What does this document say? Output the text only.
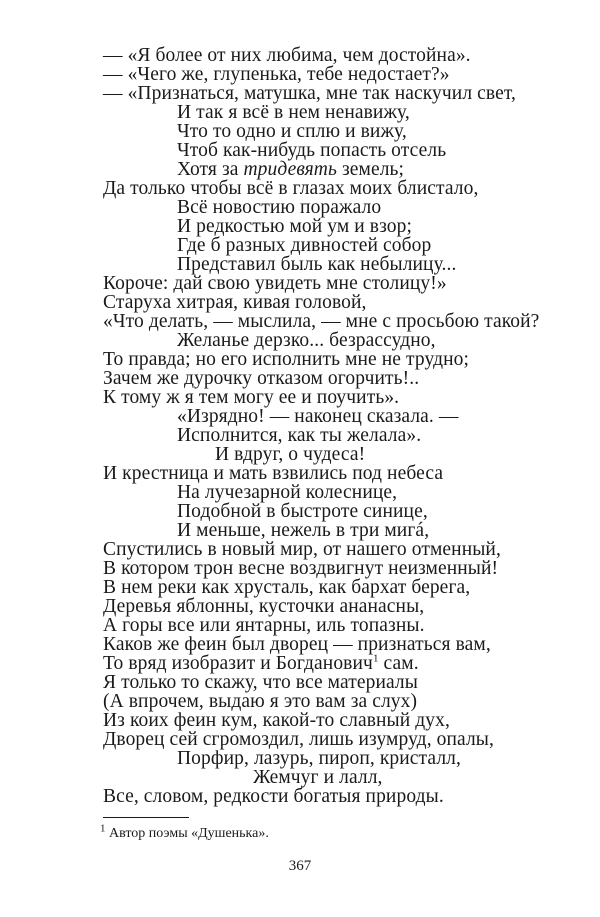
— «Я более от них любима, чем достойна».
— «Чего же, глупенька, тебе недостает?»
— «Признаться, матушка, мне так наскучил свет,
И так я всё в нем ненавижу,
Что то одно и сплю и вижу,
Чтоб как-нибудь попасть отсель
Хотя за тридевять земель;
Да только чтобы всё в глазах моих блистало,
Всё новостию поражало
И редкостью мой ум и взор;
Где б разных дивностей собор
Представил быль как небылицу...
Короче: дай свою увидеть мне столицу!»
Старуха хитрая, кивая головой,
«Что делать, — мыслила, — мне с просьбою такой?
Желанье дерзко... безрассудно,
То правда; но его исполнить мне не трудно;
Зачем же дурочку отказом огорчить!..
К тому ж я тем могу ее и поучить».
«Изрядно! — наконец сказала. —
Исполнится, как ты желала».
И вдруг, о чудеса!
И крестница и мать взвились под небеса
На лучезарной колеснице,
Подобной в быстроте синице,
И меньше, нежель в три мигá,
Спустились в новый мир, от нашего отменный,
В котором трон весне воздвигнут неизменный!
В нем реки как хрусталь, как бархат берега,
Деревья яблонны, кусточки ананасны,
А горы все или янтарны, иль топазны.
Каков же феин был дворец — признаться вам,
То вряд изобразит и Богданович$^1$ сам.
Я только то скажу, что все материалы
(А впрочем, выдаю я это вам за слух)
Из коих феин кум, какой-то славный дух,
Дворец сей сгромоздил, лишь изумруд, опалы,
Порфир, лазурь, пироп, кристалл,
Жемчуг и лалл,
Все, словом, редкости богатыя природы.
$^1$ Автор поэмы «Душенька».
367
